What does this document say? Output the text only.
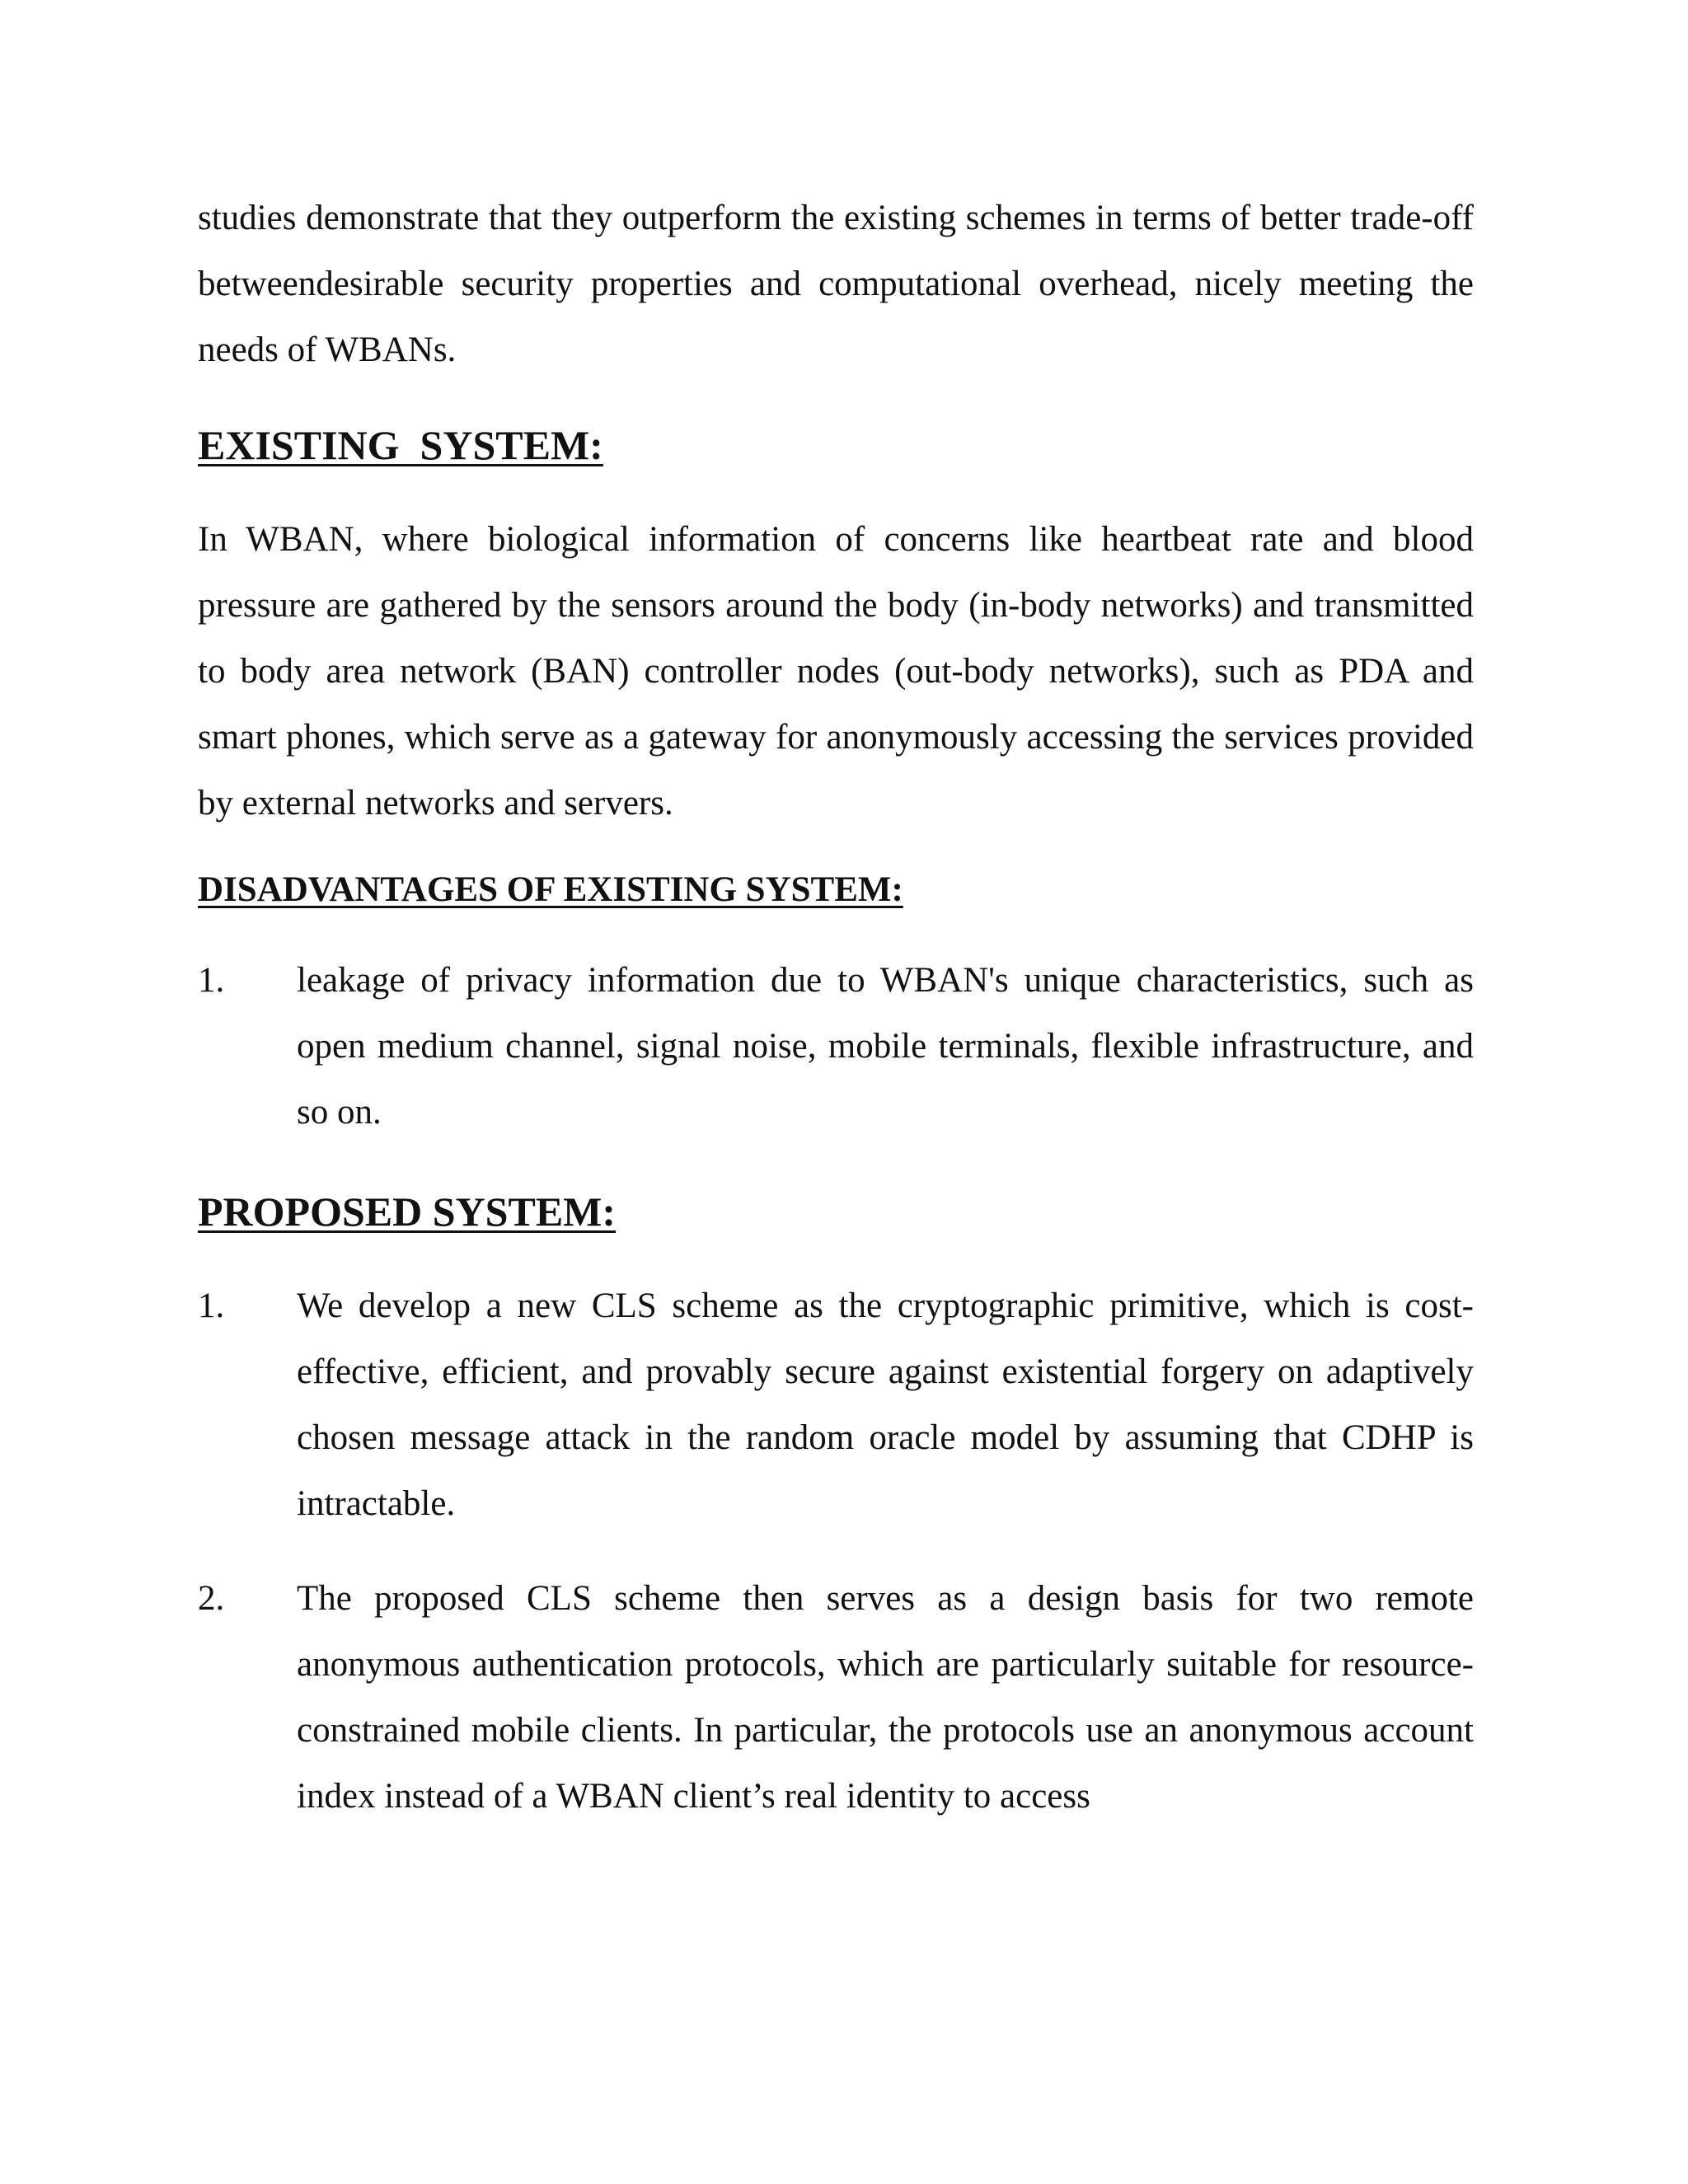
studies demonstrate that they outperform the existing schemes in terms of better trade-off betweendesirable security properties and computational overhead, nicely meeting the needs of WBANs.

EXISTING  SYSTEM:

In WBAN, where biological information of concerns like heartbeat rate and blood pressure are gathered by the sensors around the body (in-body networks) and transmitted to body area network (BAN) controller nodes (out-body networks), such as PDA and smart phones, which serve as a gateway for anonymously accessing the services provided by external networks and servers.

DISADVANTAGES OF EXISTING SYSTEM:
1.	leakage of privacy information due to WBAN's unique characteristics, such as open medium channel, signal noise, mobile terminals, flexible infrastructure, and so on.
PROPOSED SYSTEM:
1.	We develop a new CLS scheme as the cryptographic primitive, which is cost-effective, efficient, and provably secure against existential forgery on adaptively chosen message attack in the random oracle model by assuming that CDHP is intractable.
2.	The proposed CLS scheme then serves as a design basis for two remote anonymous authentication protocols, which are particularly suitable for resource-constrained mobile clients. In particular, the protocols use an anonymous account index instead of a WBAN client’s real identity to access
